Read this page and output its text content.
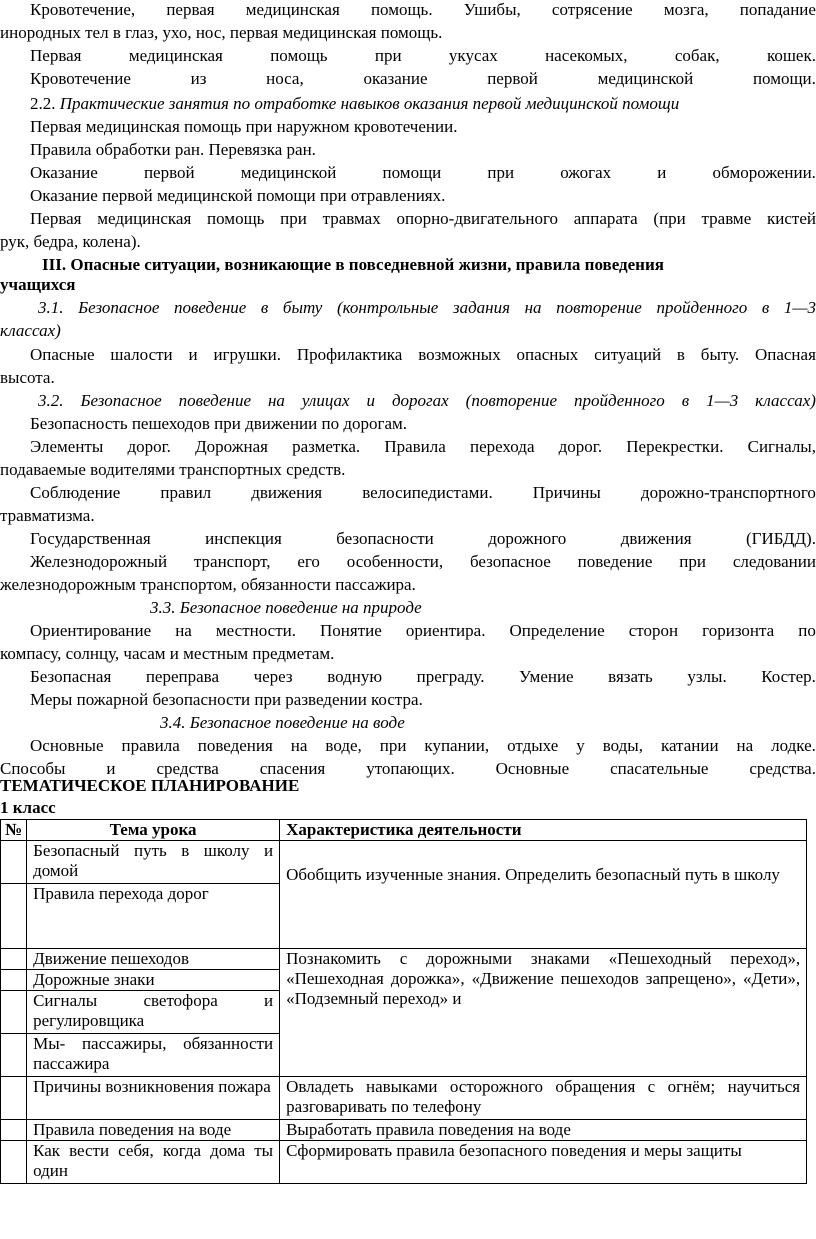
Кровотечение, первая медицинская помощь. Ушибы, сотрясение мозга, попадание
инородных тел в глаз, ухо, нос, первая медицинская помощь.
Первая	медицинская	помощь	при	укусах	насекомых,	собак,	кошек.
Кровотечение	из	носа,	оказание	первой	медицинской	помощи.
2.2. Практические занятия по отработке навыков оказания первой медицинской помощи
Первая медицинская помощь при наружном кровотечении.
Правила обработки ран. Перевязка ран.
Оказание	первой	медицинской	помощи	при	ожогах	и	обморожении.
Оказание первой медицинской помощи при отравлениях.
Первая медицинская помощь при травмах опорно-двигательного аппарата (при травме кистей
рук, бедра, колена).
III. Опасные ситуации, возникающие в повседневной жизни, правила поведения
учащихся
3.1. Безопасное поведение в быту (контрольные задания на повторение пройденного в 1—3
классах)
Опасные шалости и игрушки. Профилактика возможных опасных ситуаций в быту. Опасная
высота.
3.2. Безопасное поведение на улицах и дорогах (повторение пройденного в 1—3 классах)
Безопасность пешеходов при движении по дорогам.
Элементы дорог. Дорожная разметка. Правила перехода дорог. Перекрестки. Сигналы,
подаваемые водителями транспортных средств.
Соблюдение правил движения велосипедистами. Причины дорожно-транспортного
травматизма.
Государственная	инспекция	безопасности	дорожного	движения	(ГИБДД).
Железнодорожный транспорт, его особенности, безопасное поведение при следовании
железнодорожным транспортом, обязанности пассажира.
3.3. Безопасное поведение на природе
Ориентирование на местности. Понятие ориентира. Определение сторон горизонта по
компасу, солнцу, часам и местным предметам.
Безопасная переправа через водную преграду. Умение вязать узлы. Костер.
Меры пожарной безопасности при разведении костра.
3.4. Безопасное поведение на воде
Основные правила поведения на воде, при купании, отдыхе у воды, катании на лодке.
Способы и средства спасения утопающих. Основные спасательные средства.
ТЕМАТИЧЕСКОЕ ПЛАНИРОВАНИЕ
1 класс
№	Тема урока	Характеристика деятельности
	Безопасный путь в школу и домой	Обобщить изученные знания. Определить безопасный путь в школу
	Правила перехода дорог	
	Движение пешеходов	Познакомить с дорожными знаками «Пешеходный переход», «Пешеходная дорожка», «Движение пешеходов запрещено», «Дети», «Подземный переход» и
	Дорожные знаки	
	Сигналы светофора и регулировщика	
	Мы- пассажиры, обязанности пассажира	
	Причины возникновения пожара	Овладеть навыками осторожного обращения с огнём; научиться разговаривать по телефону
	Правила поведения на воде	Выработать правила поведения на воде
	Как вести себя, когда дома ты один	Сформировать правила безопасного поведения и меры защиты
